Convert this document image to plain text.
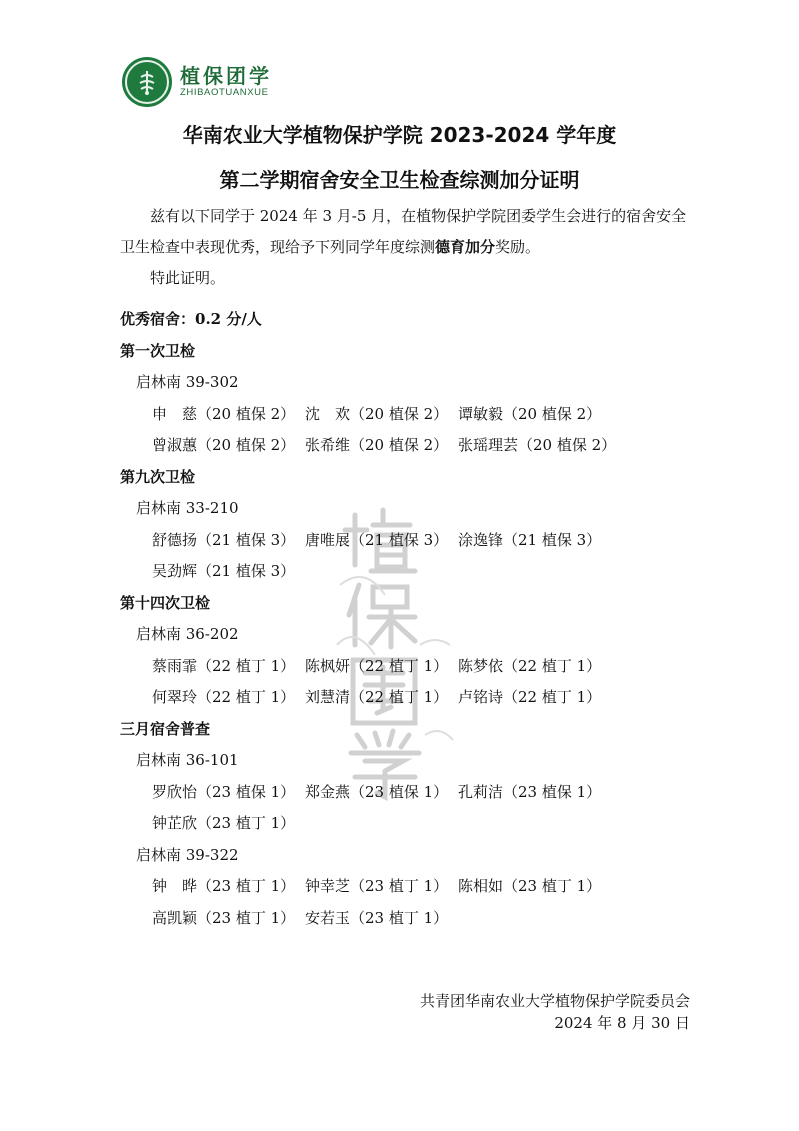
植保团学
ZHIBAOTUANXUE
华南农业大学植物保护学院 2023-2024 学年度
第二学期宿舍安全卫生检查综测加分证明
兹有以下同学于 2024 年 3 月-5 月，在植物保护学院团委学生会进行的宿舍安全卫生检查中表现优秀，现给予下列同学年度综测德育加分奖励。
特此证明。
优秀宿舍：0.2 分/人
第一次卫检
启林南 39-302
申　慈（20 植保 2） 沈　欢（20 植保 2） 谭敏毅（20 植保 2）
曾淑蕙（20 植保 2） 张希维（20 植保 2） 张瑶理芸（20 植保 2）
第九次卫检
启林南 33-210
舒德扬（21 植保 3） 唐唯展（21 植保 3） 涂逸锋（21 植保 3）
吴劲辉（21 植保 3）
第十四次卫检
启林南 36-202
蔡雨霏（22 植丁 1） 陈枫妍（22 植丁 1） 陈梦依（22 植丁 1）
何翠玲（22 植丁 1） 刘慧清（22 植丁 1） 卢铭诗（22 植丁 1）
三月宿舍普查
启林南 36-101
罗欣怡（23 植保 1） 郑金燕（23 植保 1） 孔莉洁（23 植保 1）
钟芷欣（23 植丁 1）
启林南 39-322
钟　晔（23 植丁 1） 钟幸芝（23 植丁 1） 陈相如（23 植丁 1）
高凯颖（23 植丁 1） 安若玉（23 植丁 1）
共青团华南农业大学植物保护学院委员会
2024 年 8 月 30 日
